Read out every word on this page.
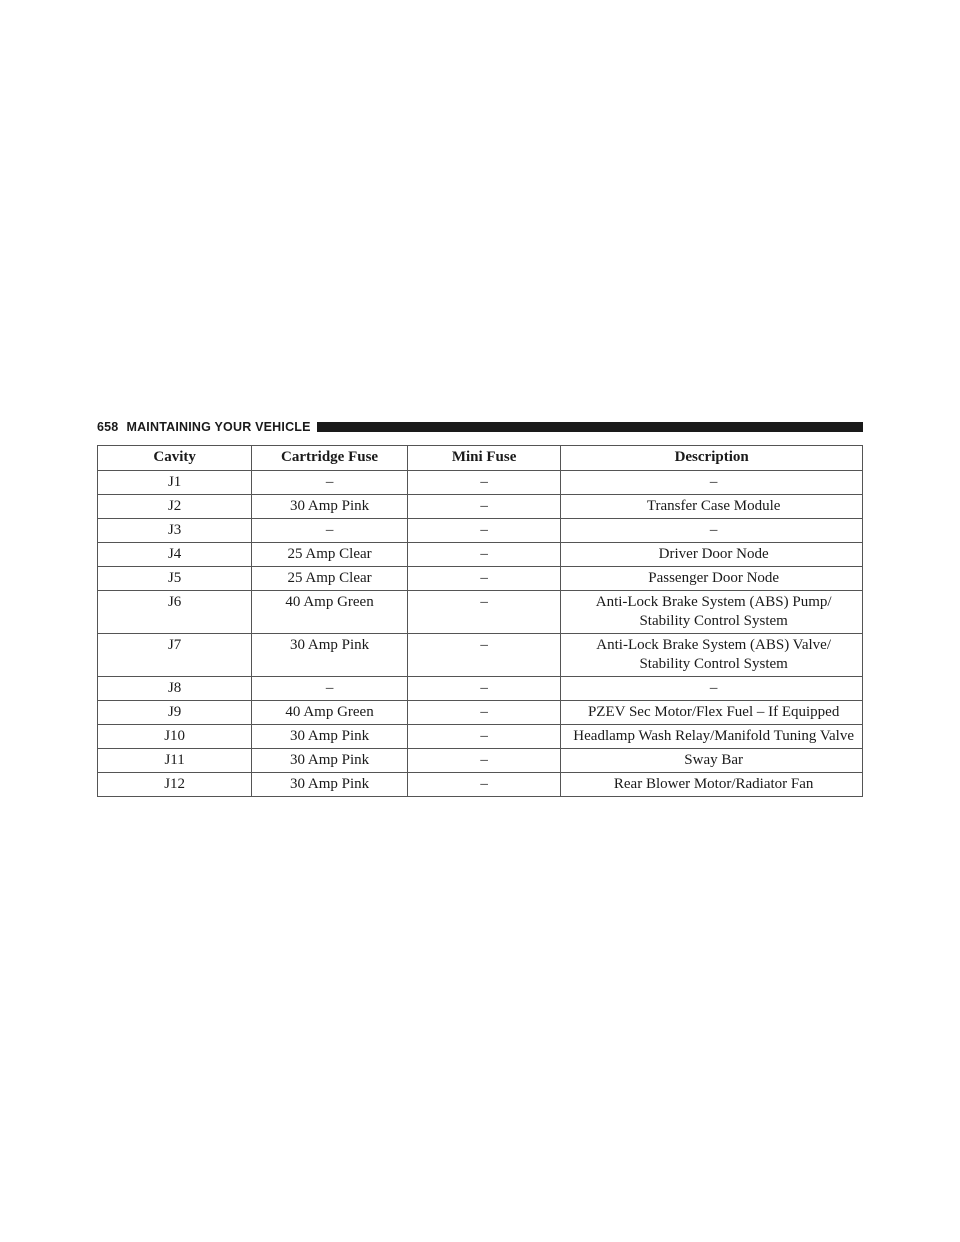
658 MAINTAINING YOUR VEHICLE
Cavity	Cartridge Fuse	Mini Fuse	Description
J1	–	–	–
J2	30 Amp Pink	–	Transfer Case Module
J3	–	–	–
J4	25 Amp Clear	–	Driver Door Node
J5	25 Amp Clear	–	Passenger Door Node
J6	40 Amp Green	–	Anti-Lock Brake System (ABS) Pump/ Stability Control System
J7	30 Amp Pink	–	Anti-Lock Brake System (ABS) Valve/ Stability Control System
J8	–	–	–
J9	40 Amp Green	–	PZEV Sec Motor/Flex Fuel – If Equipped
J10	30 Amp Pink	–	Headlamp Wash Relay/Manifold Tuning Valve
J11	30 Amp Pink	–	Sway Bar
J12	30 Amp Pink	–	Rear Blower Motor/Radiator Fan
